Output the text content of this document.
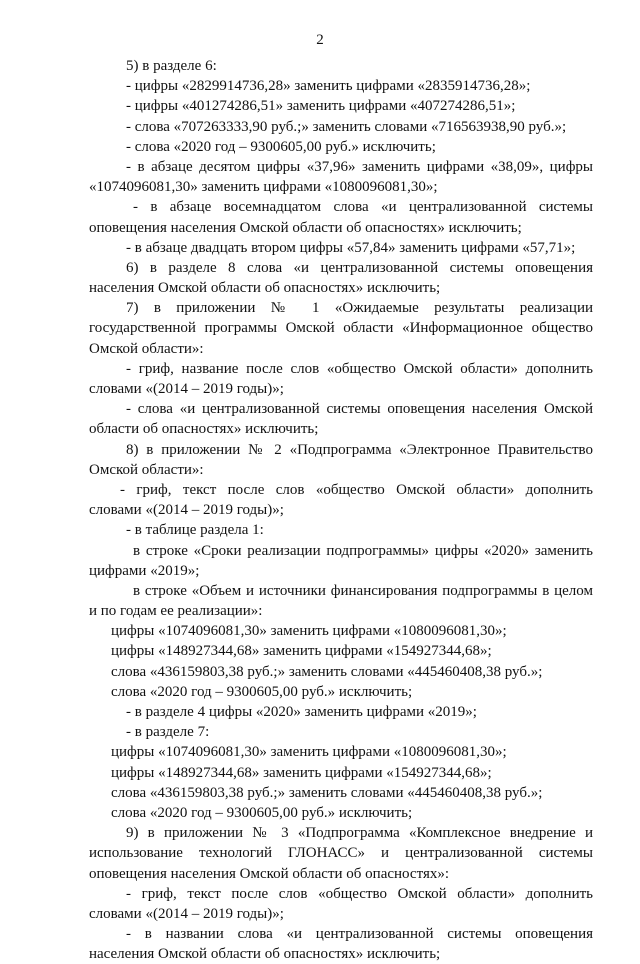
2
5) в разделе 6:
- цифры «2829914736,28» заменить цифрами «2835914736,28»;
- цифры «401274286,51» заменить цифрами «407274286,51»;
- слова «707263333,90 руб.;» заменить словами «716563938,90 руб.»;
- слова «2020 год – 9300605,00 руб.» исключить;
- в абзаце десятом цифры «37,96» заменить цифрами «38,09», цифры
«1074096081,30» заменить цифрами «1080096081,30»;
- в абзаце восемнадцатом слова «и централизованной системы
оповещения населения Омской области об опасностях» исключить;
- в абзаце двадцать втором цифры «57,84» заменить цифрами «57,71»;
6) в разделе 8 слова «и централизованной системы оповещения
населения Омской области об опасностях» исключить;
7) в приложении № 1 «Ожидаемые результаты реализации
государственной программы Омской области «Информационное общество
Омской области»:
- гриф, название после слов «общество Омской области» дополнить
словами «(2014 – 2019 годы)»;
- слова «и централизованной системы оповещения населения Омской
области об опасностях» исключить;
8) в приложении № 2 «Подпрограмма «Электронное Правительство
Омской области»:
- гриф, текст после слов «общество Омской области» дополнить
словами «(2014 – 2019 годы)»;
- в таблице раздела 1:
в строке «Сроки реализации подпрограммы» цифры «2020» заменить
цифрами «2019»;
в строке «Объем и источники финансирования подпрограммы в целом
и по годам ее реализации»:
цифры «1074096081,30» заменить цифрами «1080096081,30»;
цифры «148927344,68» заменить цифрами «154927344,68»;
слова «436159803,38 руб.;» заменить словами «445460408,38 руб.»;
слова «2020 год – 9300605,00 руб.» исключить;
- в разделе 4 цифры «2020» заменить цифрами «2019»;
- в разделе 7:
цифры «1074096081,30» заменить цифрами «1080096081,30»;
цифры «148927344,68» заменить цифрами «154927344,68»;
слова «436159803,38 руб.;» заменить словами «445460408,38 руб.»;
слова «2020 год – 9300605,00 руб.» исключить;
9) в приложении № 3 «Подпрограмма «Комплексное внедрение и
использование технологий ГЛОНАСС» и централизованной системы
оповещения населения Омской области об опасностях»:
- гриф, текст после слов «общество Омской области» дополнить
словами «(2014 – 2019 годы)»;
- в названии слова «и централизованной системы оповещения
населения Омской области об опасностях» исключить;
